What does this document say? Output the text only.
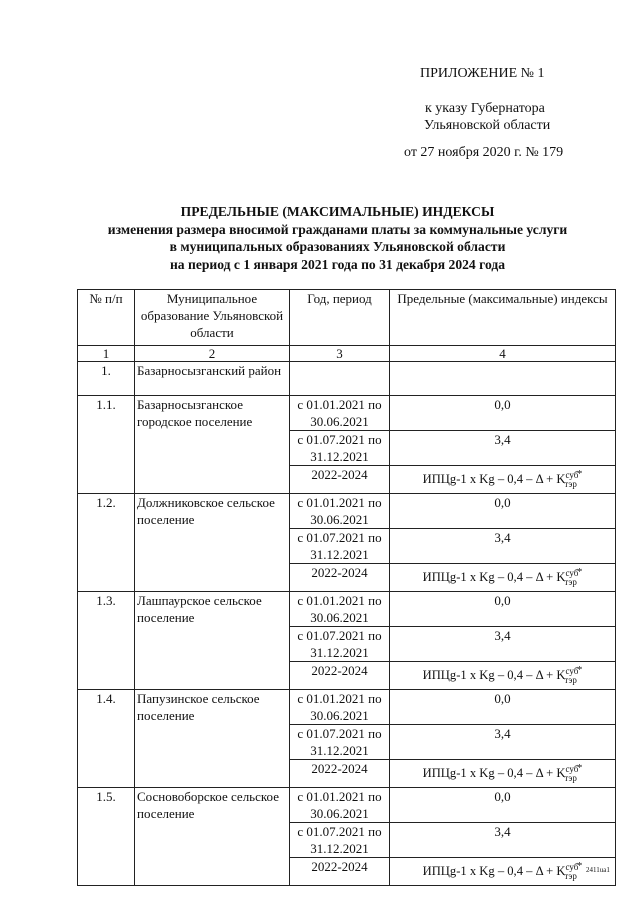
ПРИЛОЖЕНИЕ № 1
к указу Губернатора
Ульяновской области
от 27 ноября 2020 г. № 179
ПРЕДЕЛЬНЫЕ (МАКСИМАЛЬНЫЕ) ИНДЕКСЫ
изменения размера вносимой гражданами платы за коммунальные услуги
в муниципальных образованиях Ульяновской области
на период с 1 января 2021 года по 31 декабря 2024 года
№ п/п	Муниципальное образование Ульяновской области	Год, период	Предельные (максимальные) индексы
1	2	3	4
1.	Базарносызганский район		
1.1.	Базарносызганское городское поселение	с 01.01.2021 по 30.06.2021	0,0
		с 01.07.2021 по 31.12.2021	3,4
		2022-2024	ИПЦg-1 x $Kg - 0,4 - \Delta + K^{суб}_{тэр}*$
1.2.	Должниковское сельское поселение	с 01.01.2021 по 30.06.2021	0,0
		с 01.07.2021 по 31.12.2021	3,4
		2022-2024	ИПЦg-1 x $Kg - 0,4 - \Delta + K^{суб}_{тэр}*$
1.3.	Лашпаурское сельское поселение	с 01.01.2021 по 30.06.2021	0,0
		с 01.07.2021 по 31.12.2021	3,4
		2022-2024	ИПЦg-1 x $Kg - 0,4 - \Delta + K^{суб}_{тэр}*$
1.4.	Папузинское сельское поселение	с 01.01.2021 по 30.06.2021	0,0
		с 01.07.2021 по 31.12.2021	3,4
		2022-2024	ИПЦg-1 x $Kg - 0,4 - \Delta + K^{суб}_{тэр}*$
1.5.	Сосновоборское сельское поселение	с 01.01.2021 по 30.06.2021	0,0
		с 01.07.2021 по 31.12.2021	3,4
		2022-2024	ИПЦg-1 x $Kg - 0,4 - \Delta + K^{суб}_{тэр}*$ 2411ua1
